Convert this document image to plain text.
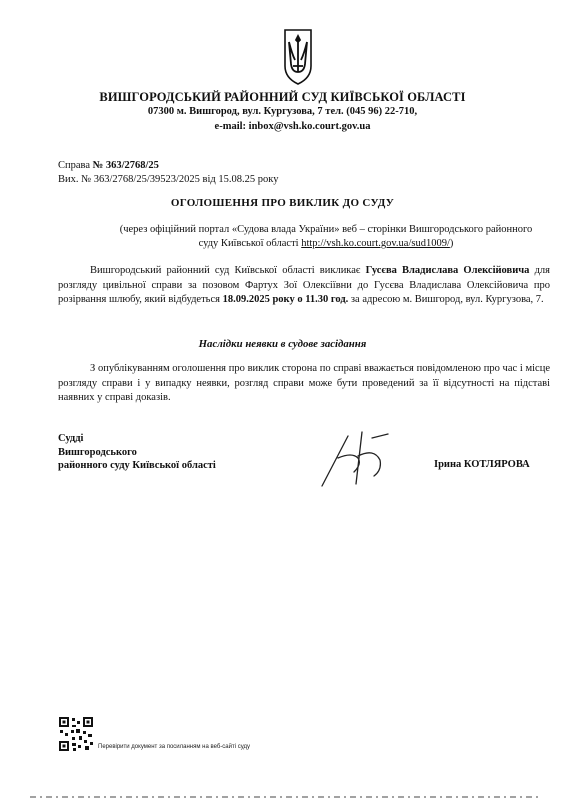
ВИШГОРОДСЬКИЙ РАЙОННИЙ СУД КИЇВСЬКОЇ ОБЛАСТІ
07300 м. Вишгород, вул. Кургузова, 7 тел. (045 96) 22-710,
e-mail: inbox@vsh.ko.court.gov.ua
Справа № 363/2768/25
Вих. № 363/2768/25/39523/2025 від 15.08.25 року
ОГОЛОШЕННЯ ПРО ВИКЛИК ДО СУДУ
(через офіційний портал «Судова влада України» веб – сторінки Вишгородського районного
суду Київської області http://vsh.ko.court.gov.ua/sud1009/)
Вишгородський районний суд Київської області викликає Гусєва Владислава Олексійовича для розгляду цивільної справи за позовом Фартух Зої Олексіївни до Гусєва Владислава Олексійовича про розірвання шлюбу, який відбудеться 18.09.2025 року о 11.30 год. за адресою м. Вишгород, вул. Кургузова, 7.
Наслідки неявки в судове засідання
З опублікуванням оголошення про виклик сторона по справі вважається повідомленою про час і місце розгляду справи і у випадку неявки, розгляд справи може бути проведений за її відсутності на підставі наявних у справі доказів.
Судді
Вишгородського
районного суду Київської області	Ірина КОТЛЯРОВА
Перевірити документ за посиланням на веб-сайті суду
